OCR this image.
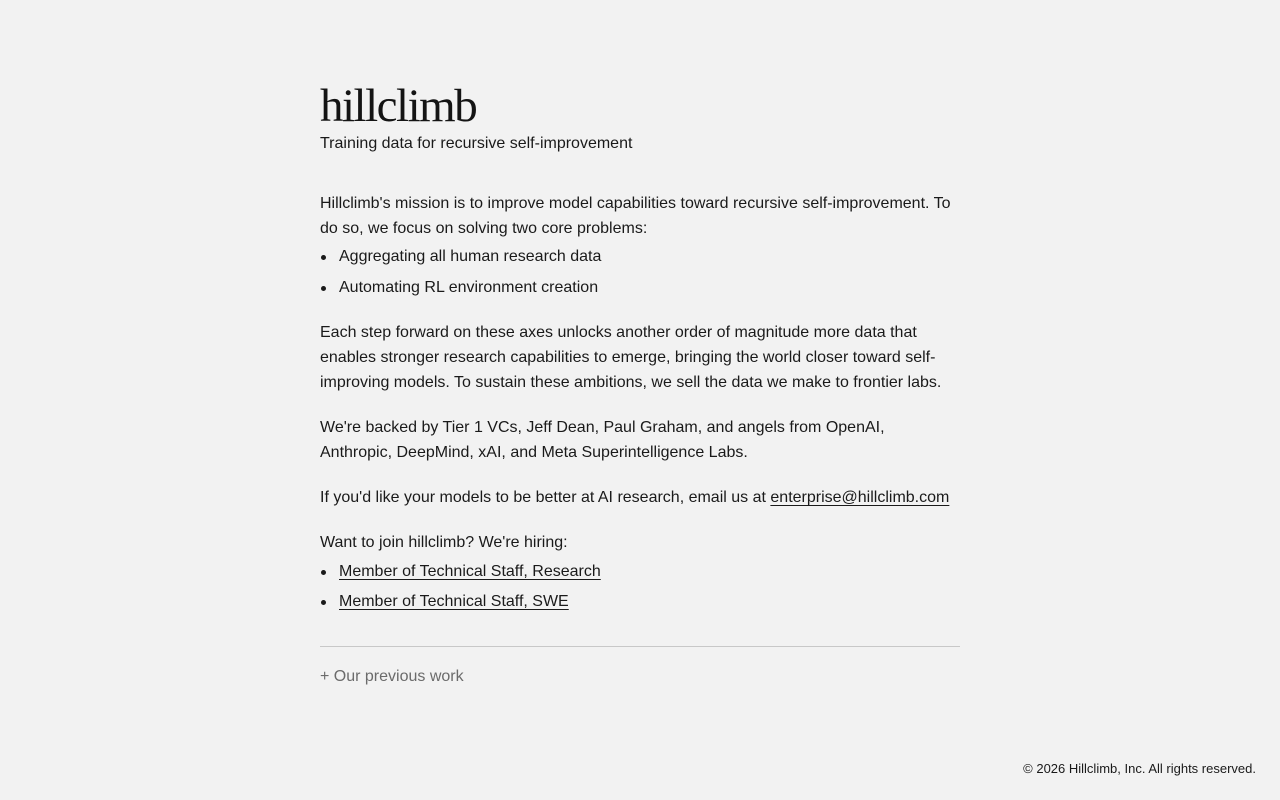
hillclimb

Training data for recursive self-improvement

Hillclimb's mission is to improve model capabilities toward recursive self-improvement. To do so, we focus on solving two core problems:

Aggregating all human research data
Automating RL environment creation

Each step forward on these axes unlocks another order of magnitude more data that enables stronger research capabilities to emerge, bringing the world closer toward self-improving models. To sustain these ambitions, we sell the data we make to frontier labs.

We're backed by Tier 1 VCs, Jeff Dean, Paul Graham, and angels from OpenAI, Anthropic, DeepMind, xAI, and Meta Superintelligence Labs.

If you'd like your models to be better at AI research, email us at enterprise@hillclimb.com

Want to join hillclimb? We're hiring:

Member of Technical Staff, Research
Member of Technical Staff, SWE
+ Our previous work
© 2026 Hillclimb, Inc. All rights reserved.
